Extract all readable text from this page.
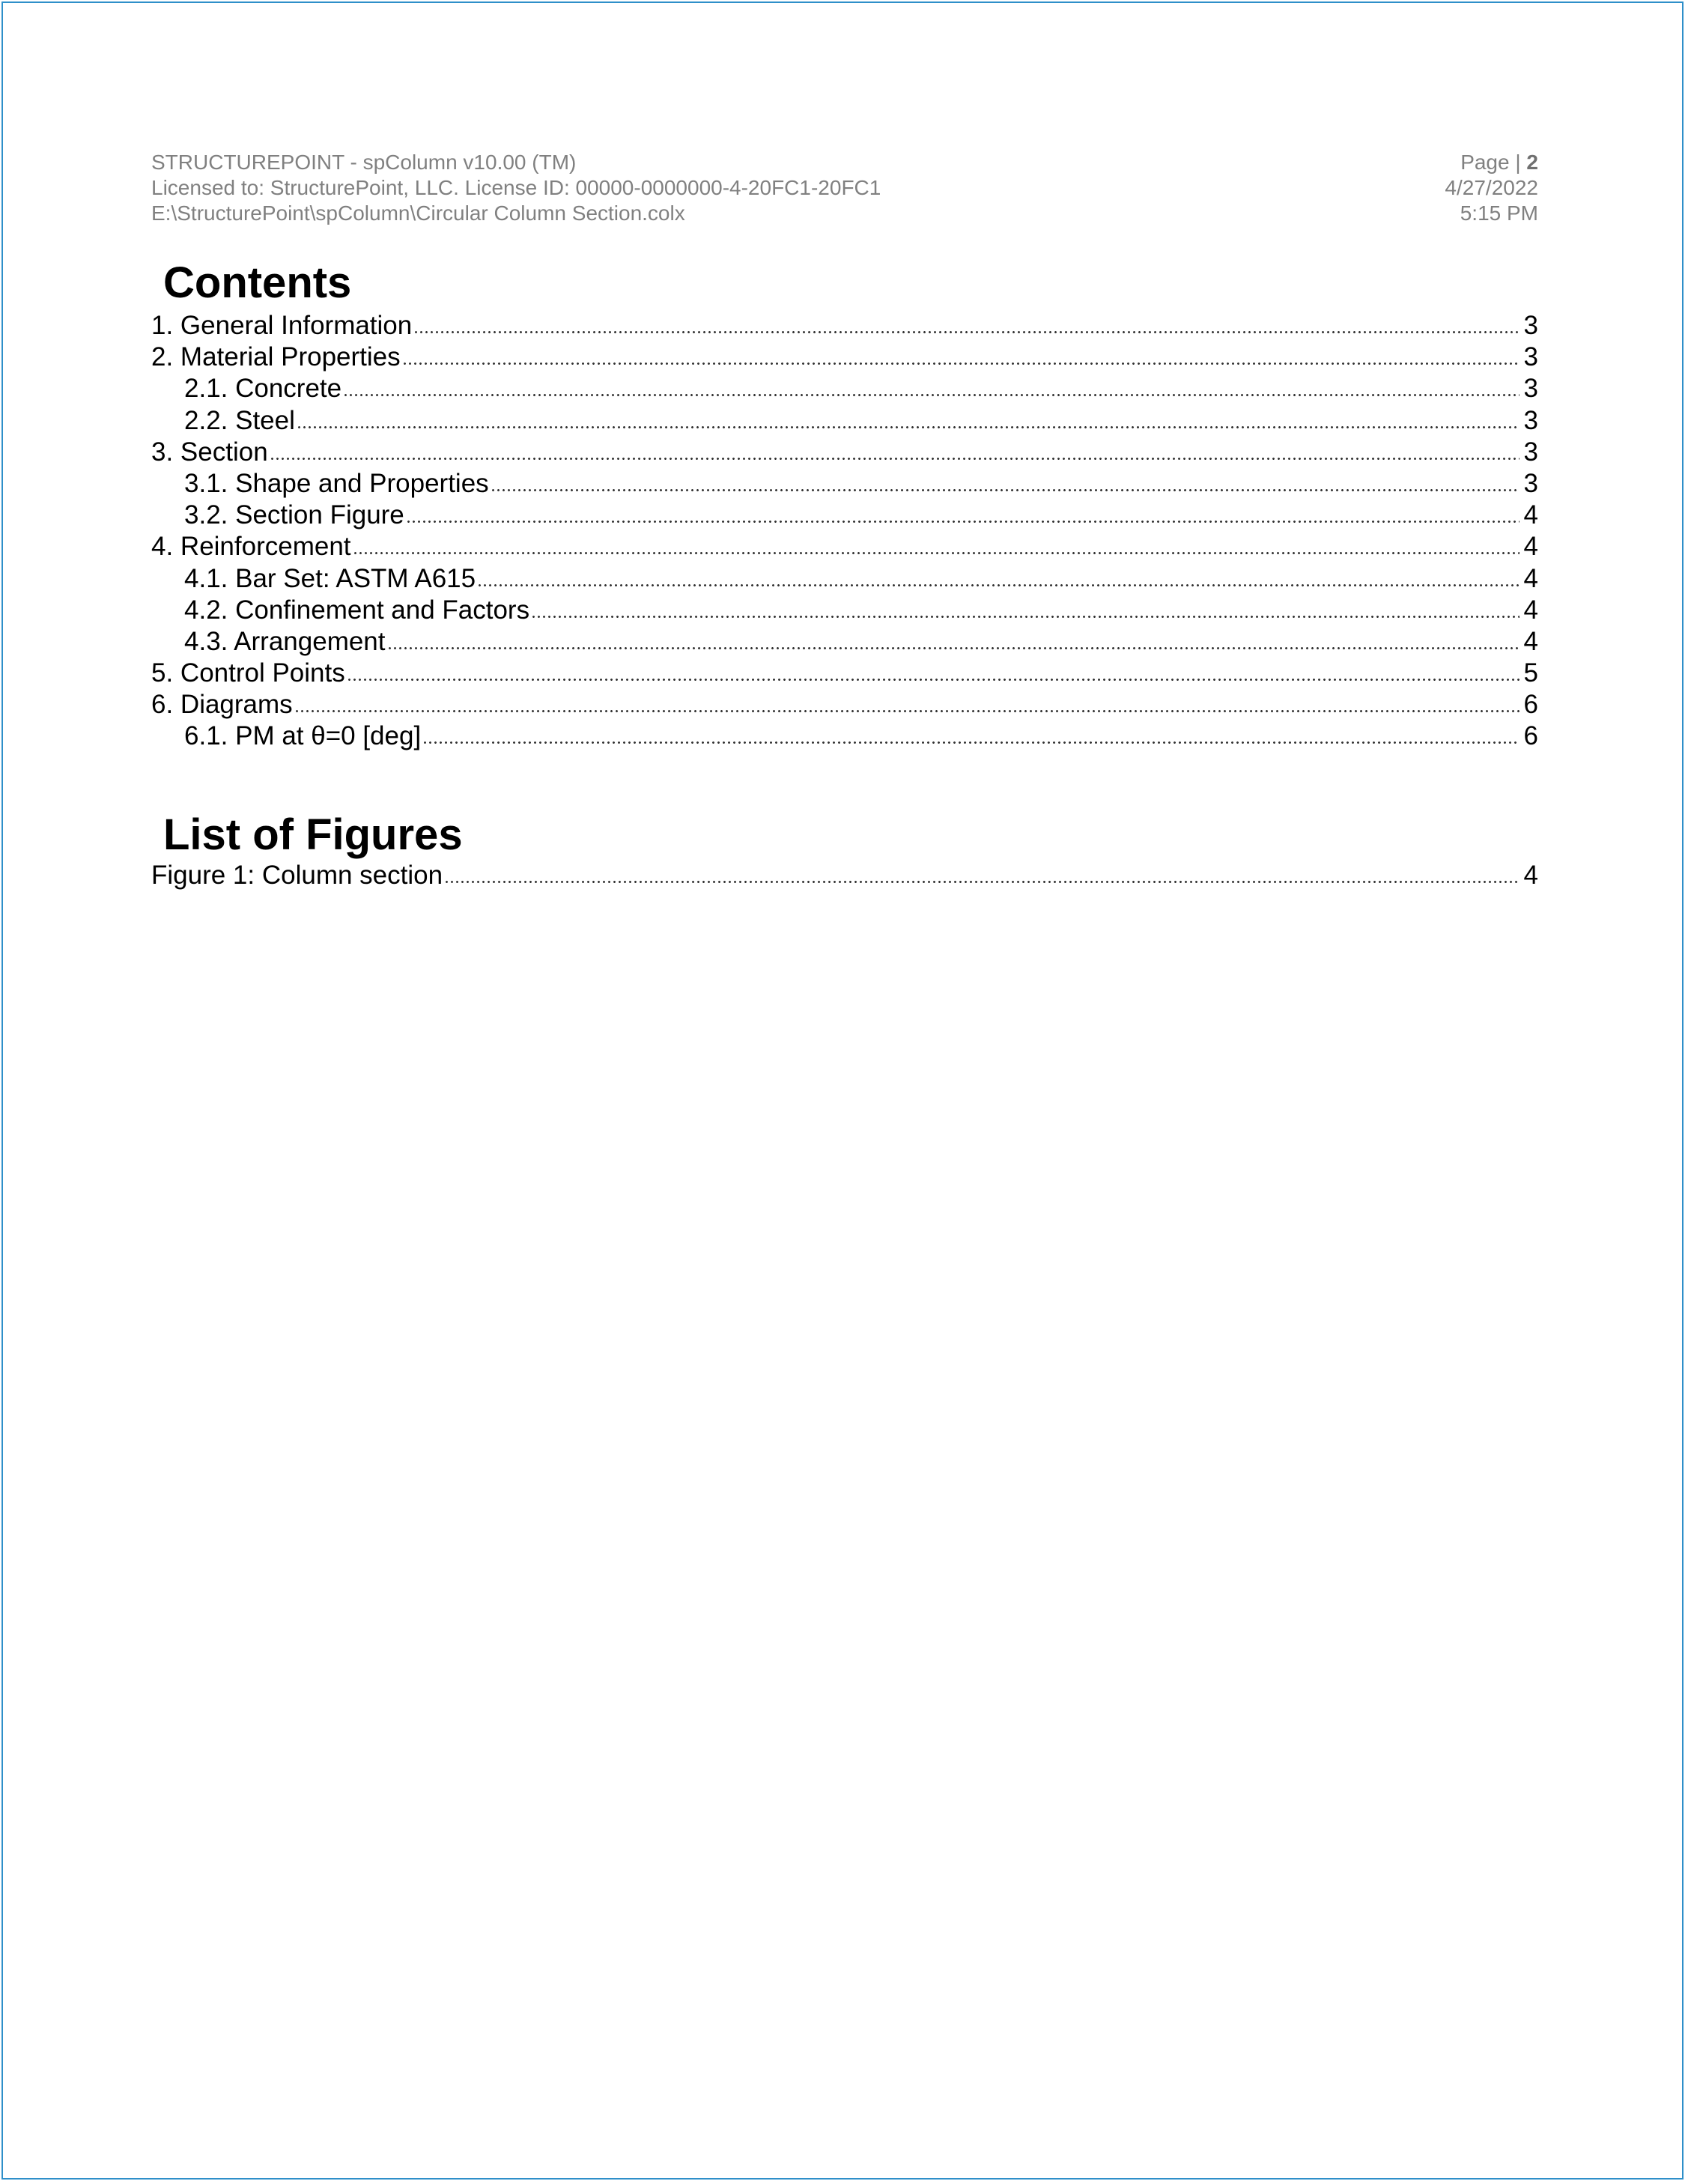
STRUCTUREPOINT - spColumn v10.00 (TM)	Page | 2
Licensed to: StructurePoint, LLC. License ID: 00000-0000000-4-20FC1-20FC1	4/27/2022
E:\StructurePoint\spColumn\Circular Column Section.colx	5:15 PM
Contents
1. General Information	3
2. Material Properties	3
2.1. Concrete	3
2.2. Steel	3
3. Section	3
3.1. Shape and Properties	3
3.2. Section Figure	4
4. Reinforcement	4
4.1. Bar Set: ASTM A615	4
4.2. Confinement and Factors	4
4.3. Arrangement	4
5. Control Points	5
6. Diagrams	6
6.1. PM at θ=0 [deg]	6
List of Figures
Figure 1: Column section	4
